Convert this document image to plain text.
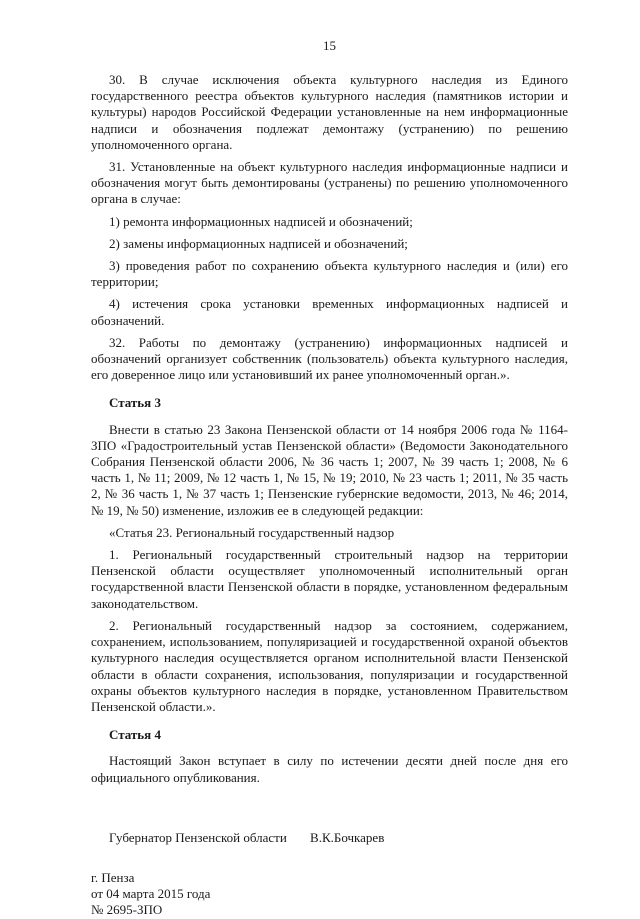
15

30. В случае исключения объекта культурного наследия из Единого государственного реестра объектов культурного наследия (памятников истории и культуры) народов Российской Федерации установленные на нем информационные надписи и обозначения подлежат демонтажу (устранению) по решению уполномоченного органа.

31. Установленные на объект культурного наследия информационные надписи и обозначения могут быть демонтированы (устранены) по решению уполномоченного органа в случае:

1) ремонта информационных надписей и обозначений;

2) замены информационных надписей и обозначений;

3) проведения работ по сохранению объекта культурного наследия и (или) его территории;

4) истечения срока установки временных информационных надписей и обозначений.

32. Работы по демонтажу (устранению) информационных надписей и обозначений организует собственник (пользователь) объекта культурного наследия, его доверенное лицо или установивший их ранее уполномоченный орган.».

Статья 3

Внести в статью 23 Закона Пензенской области от 14 ноября 2006 года № 1164-ЗПО «Градостроительный устав Пензенской области» (Ведомости Законодательного Собрания Пензенской области 2006, № 36 часть 1; 2007, № 39 часть 1; 2008, № 6 часть 1, № 11; 2009, № 12 часть 1, № 15, № 19; 2010, № 23 часть 1; 2011, № 35 часть 2, № 36 часть 1, № 37 часть 1; Пензенские губернские ведомости, 2013, № 46; 2014, № 19, № 50) изменение, изложив ее в следующей редакции:

«Статья 23. Региональный государственный надзор

1. Региональный государственный строительный надзор на территории Пензенской области осуществляет уполномоченный исполнительный орган государственной власти Пензенской области в порядке, установленном федеральным законодательством.

2. Региональный государственный надзор за состоянием, содержанием, сохранением, использованием, популяризацией и государственной охраной объектов культурного наследия осуществляется органом исполнительной власти Пензенской области в области сохранения, использования, популяризации и государственной охраны объектов культурного наследия в порядке, установленном Правительством Пензенской области.».

Статья 4

Настоящий Закон вступает в силу по истечении десяти дней после дня его официального опубликования.

Губернатор Пензенской области В.К.Бочкарев
г. Пенза
от 04 марта 2015 года
№ 2695-ЗПО
